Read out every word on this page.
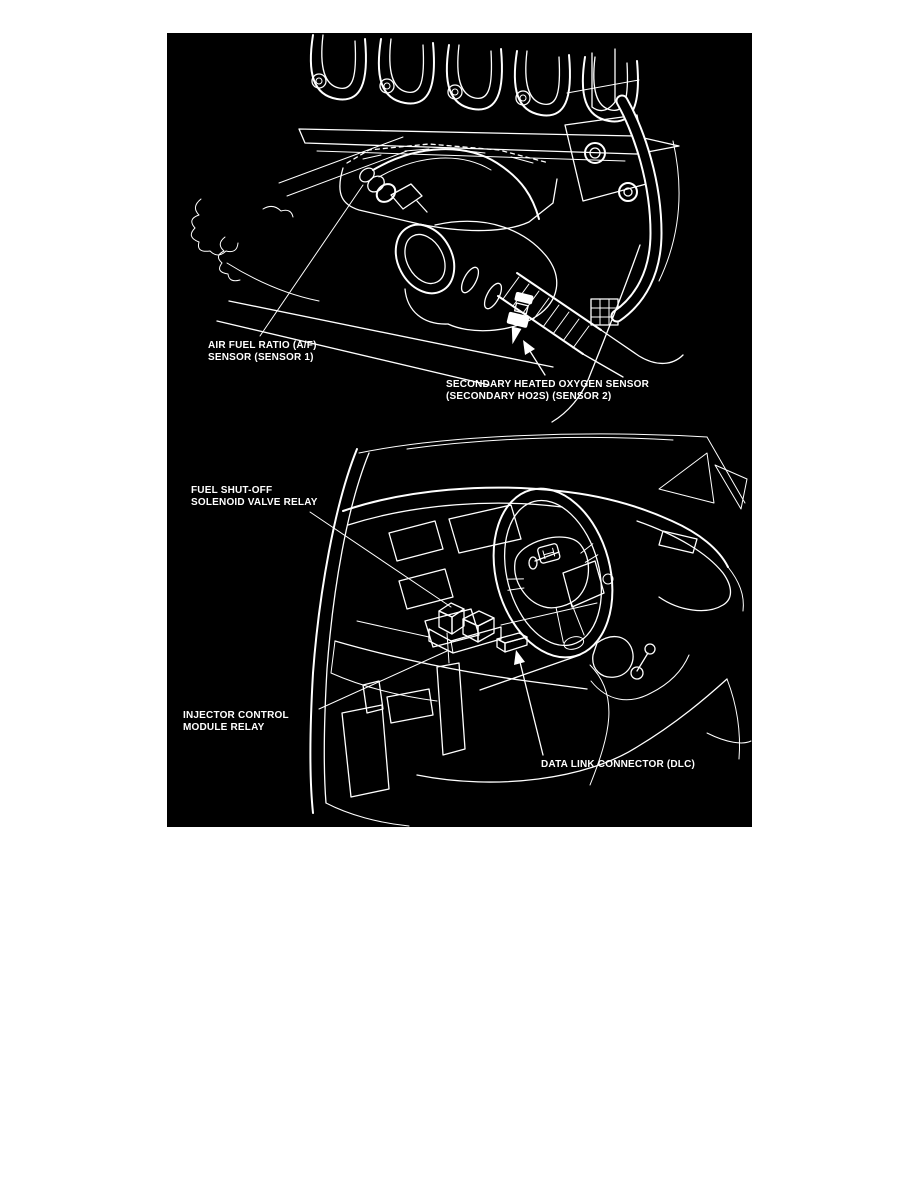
AIR FUEL RATIO (A/F)
SENSOR (SENSOR 1)
SECONDARY HEATED OXYGEN SENSOR
(SECONDARY HO2S) (SENSOR 2)
FUEL SHUT-OFF
SOLENOID VALVE RELAY
INJECTOR CONTROL
MODULE RELAY
DATA LINK CONNECTOR (DLC)
